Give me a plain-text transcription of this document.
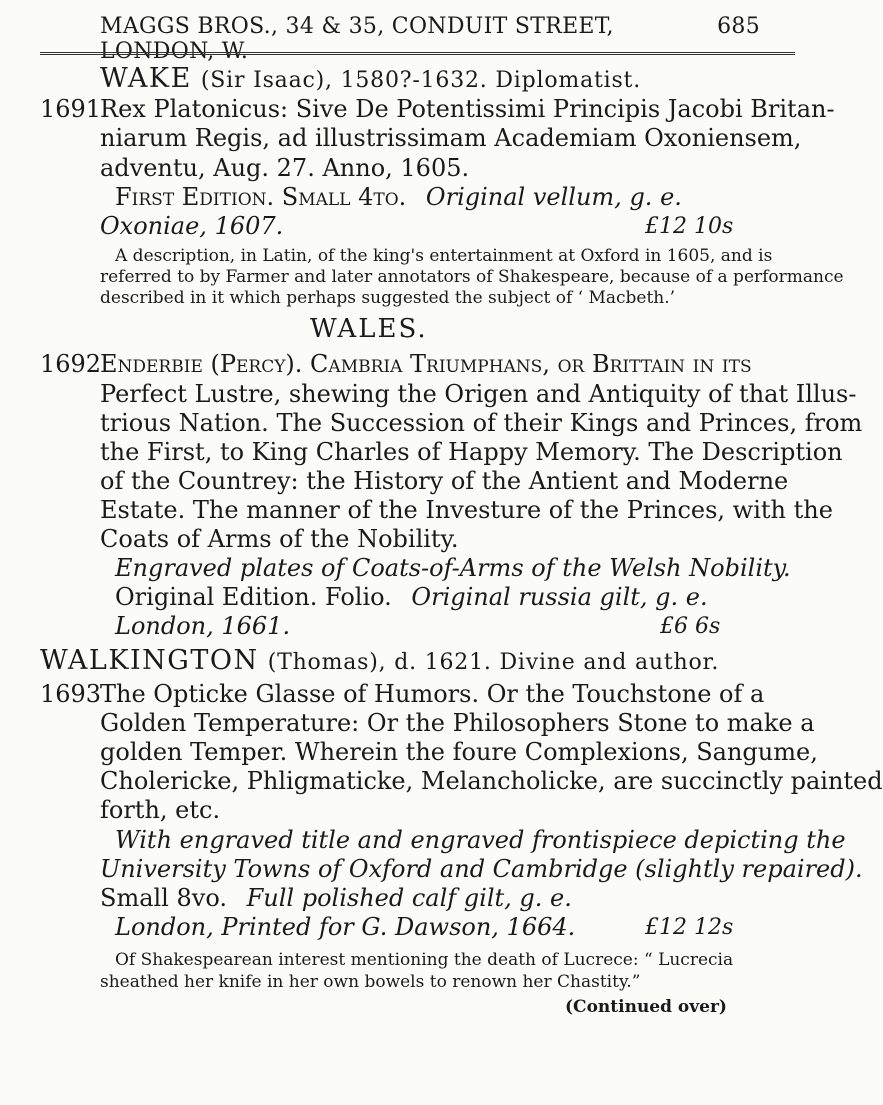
MAGGS BROS., 34 & 35, CONDUIT STREET, LONDON, W.
685
WAKE (Sir Isaac), 1580?-1632. Diplomatist.
1691
Rex Platonicus: Sive De Potentissimi Principis Jacobi Britan-
niarum Regis, ad illustrissimam Academiam Oxoniensem,
adventu, Aug. 27. Anno, 1605.
First Edition. Small 4to. Original vellum, g. e.
Oxoniae, 1607.	£12 10s
A description, in Latin, of the king's entertainment at Oxford in 1605, and is
referred to by Farmer and later annotators of Shakespeare, because of a performance
described in it which perhaps suggested the subject of ‘ Macbeth.’
WALES.
1692
Enderbie (Percy). Cambria Triumphans, or Brittain in its
Perfect Lustre, shewing the Origen and Antiquity of that Illus-
trious Nation. The Succession of their Kings and Princes, from
the First, to King Charles of Happy Memory. The Description
of the Countrey: the History of the Antient and Moderne
Estate. The manner of the Investure of the Princes, with the
Coats of Arms of the Nobility.
Engraved plates of Coats-of-Arms of the Welsh Nobility.
Original Edition. Folio. Original russia gilt, g. e.
London, 1661.	£6 6s
WALKINGTON (Thomas), d. 1621. Divine and author.
1693
The Opticke Glasse of Humors. Or the Touchstone of a
Golden Temperature: Or the Philosophers Stone to make a
golden Temper. Wherein the foure Complexions, Sangume,
Cholericke, Phligmaticke, Melancholicke, are succinctly painted
forth, etc.
With engraved title and engraved frontispiece depicting the
University Towns of Oxford and Cambridge (slightly repaired).
Small 8vo. Full polished calf gilt, g. e.
London, Printed for G. Dawson, 1664.	£12 12s
Of Shakespearean interest mentioning the death of Lucrece: “ Lucrecia
sheathed her knife in her own bowels to renown her Chastity.”
(Continued over)
